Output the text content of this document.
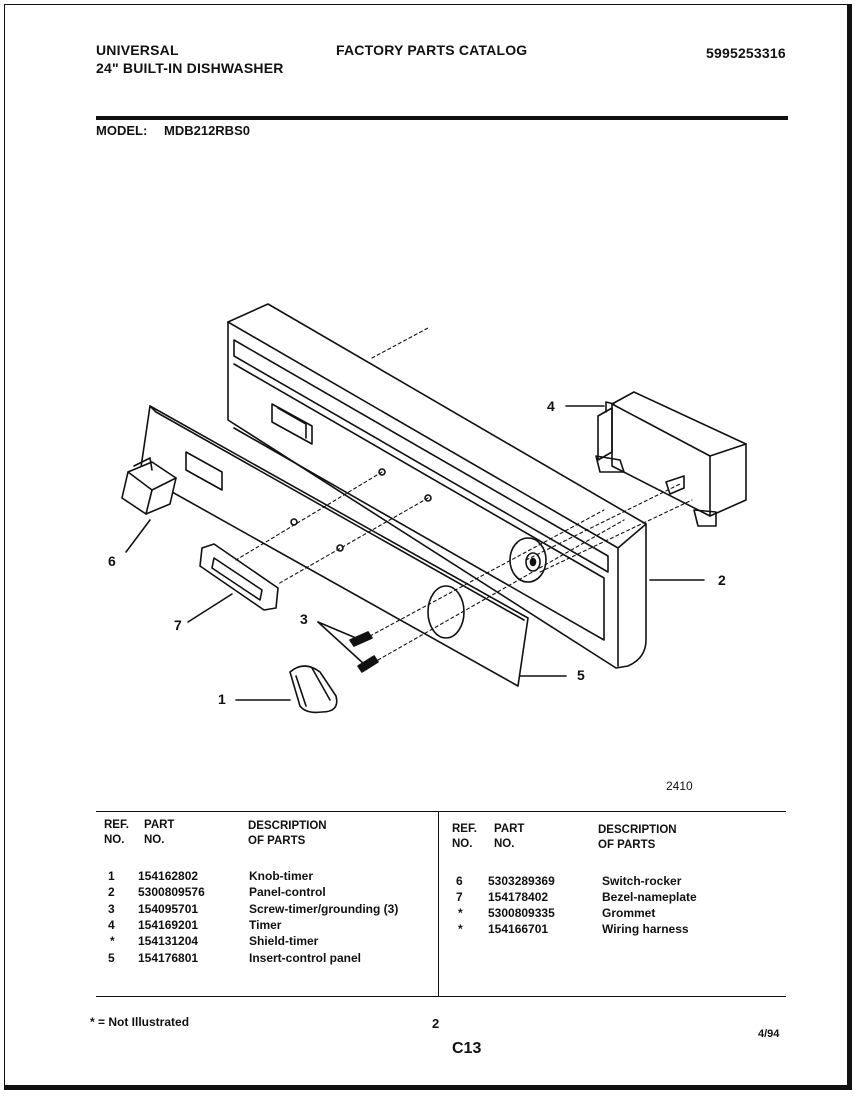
UNIVERSAL
24" BUILT-IN DISHWASHER
FACTORY PARTS CATALOG	5995253316
MODEL: MDB212RBS0
4
2
5
6
7
1
3
2410
REF.
NO.
PART
NO.
DESCRIPTION
OF PARTS
REF.
NO.
PART
NO.
DESCRIPTION
OF PARTS
1 154162802	Knob-timer
2 5300809576	Panel-control
3 154095701	Screw-timer/grounding (3)
4 154169201	Timer
* 154131204	Shield-timer
5 154176801	Insert-control panel
6 5303289369	Switch-rocker
7 154178402	Bezel-nameplate
* 5300809335	Grommet
* 154166701	Wiring harness
* = Not Illustrated	2
C13
4/94
